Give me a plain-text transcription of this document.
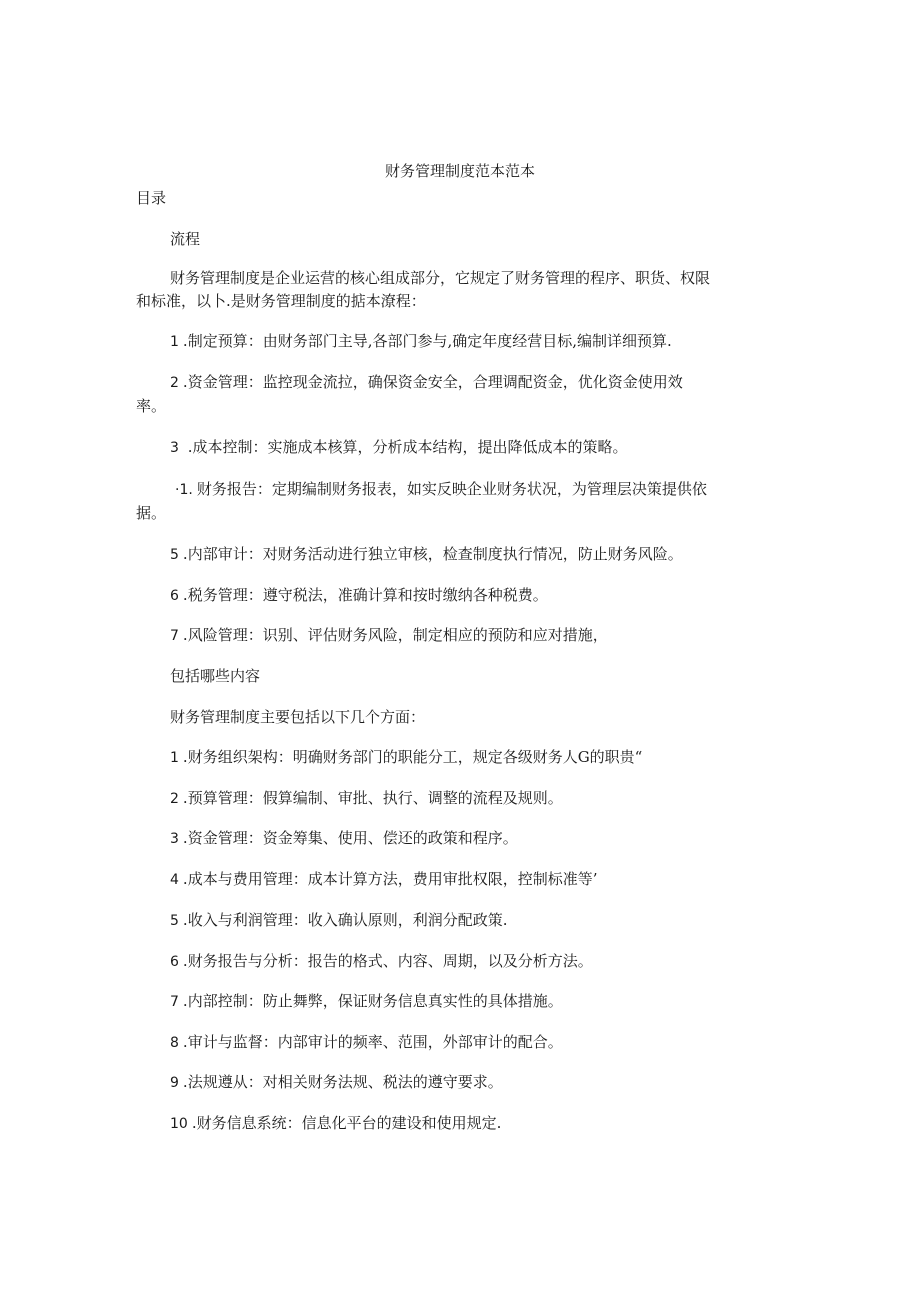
财务管理制度范本范本
目录
流程
财务管理制度是企业运营的核心组成部分，它规定了财务管理的程序、职货、权限
和标准，以卜.是财务管理制度的掂本潦程：
1 .制定预算：由财务部门主导,各部门参与,确定年度经营目标,编制详细预算.
2 .资金管理：监控现金流拉，确保资金安全，合理调配资金，优化资金使用效
率。
3 .成本控制：实施成本核算，分析成本结构，提出降低成本的策略。
·1. 财务报告：定期编制财务报表，如实反映企业财务状况，为管理层决策提供依
据。
5 .内部审计：对财务活动进行独立审核，检查制度执行情况，防止财务风险。
6 .税务管理：遵守税法，准确计算和按时缴纳各种税费。
7 .风险管理：识别、评估财务风险，制定相应的预防和应对措施，
包括哪些内容
财务管理制度主要包括以下几个方面：
1 .财务组织架构：明确财务部门的职能分工，规定各级财务人G的职贵“
2 .预算管理：假算编制、审批、执行、调整的流程及规则。
3 .资金管理：资金筹集、使用、偿还的政策和程序。
4 .成本与费用管理：成本计算方法，费用审批权限，控制标准等’
5 .收入与利润管理：收入确认原则，利润分配政策.
6 .财务报告与分析：报告的格式、内容、周期，以及分析方法。
7 .内部控制：防止舞弊，保证财务信息真实性的具体措施。
8 .审计与监督：内部审计的频率、范围，外部审计的配合。
9 .法规遵从：对相关财务法规、税法的遵守要求。
10 .财务信息系统：信息化平台的建设和使用规定.
